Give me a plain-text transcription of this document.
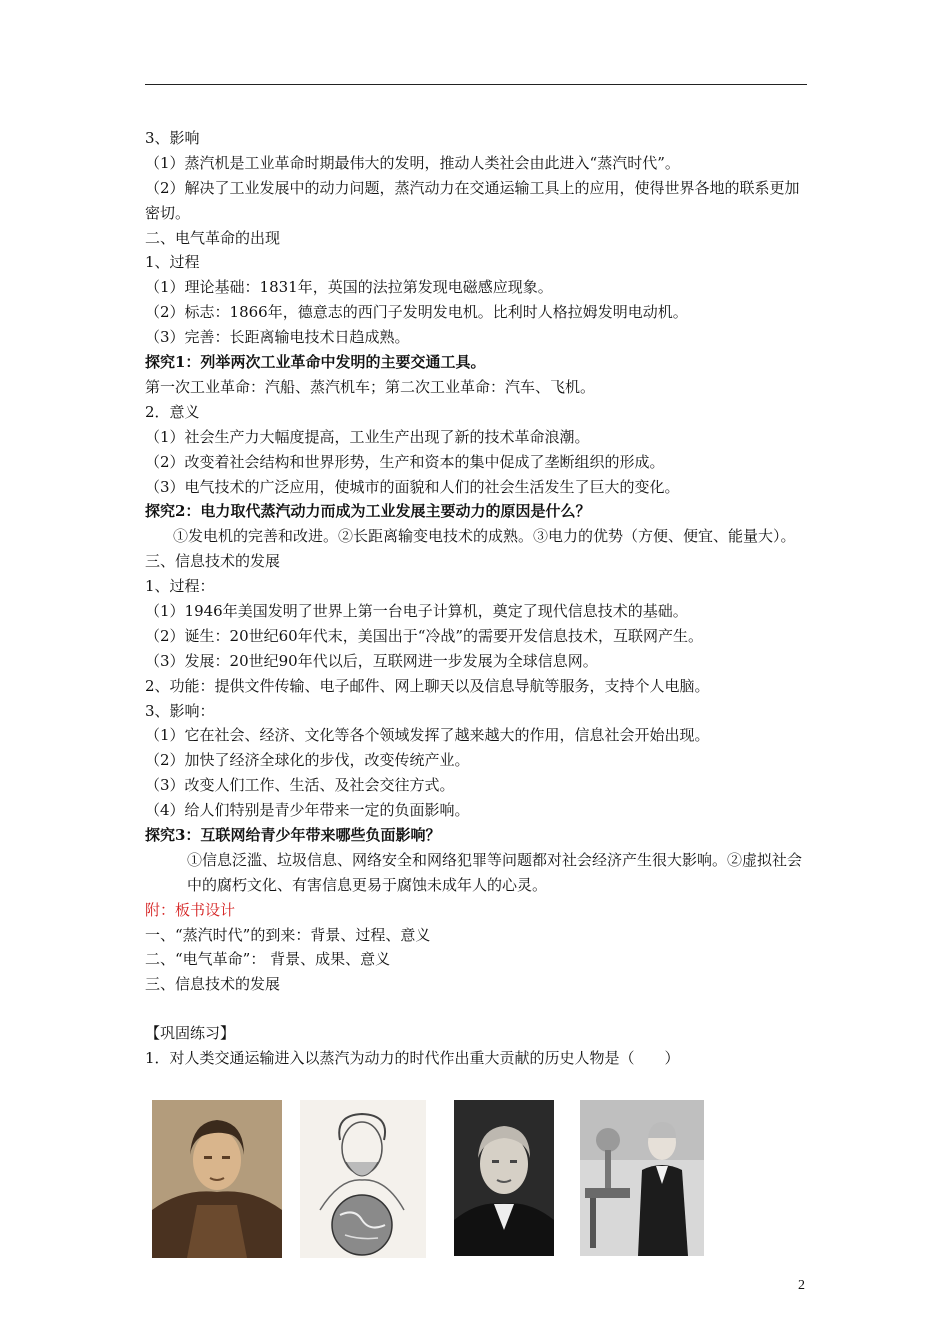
3、影响
（1）蒸汽机是工业革命时期最伟大的发明，推动人类社会由此进入“蒸汽时代”。
（2）解决了工业发展中的动力问题，蒸汽动力在交通运输工具上的应用，使得世界各地的联系更加密切。
二、电气革命的出现
1、过程
（1）理论基础：1831年，英国的法拉第发现电磁感应现象。
（2）标志：1866年，德意志的西门子发明发电机。比利时人格拉姆发明电动机。
（3）完善：长距离输电技术日趋成熟。
探究1：列举两次工业革命中发明的主要交通工具。
第一次工业革命：汽船、蒸汽机车；第二次工业革命：汽车、飞机。
2．意义
（1）社会生产力大幅度提高，工业生产出现了新的技术革命浪潮。
（2）改变着社会结构和世界形势，生产和资本的集中促成了垄断组织的形成。
（3）电气技术的广泛应用，使城市的面貌和人们的社会生活发生了巨大的变化。
探究2：电力取代蒸汽动力而成为工业发展主要动力的原因是什么？
①发电机的完善和改进。②长距离输变电技术的成熟。③电力的优势（方便、便宜、能量大）。
三、信息技术的发展
1、过程：
（1）1946年美国发明了世界上第一台电子计算机，奠定了现代信息技术的基础。
（2）诞生：20世纪60年代末，美国出于“冷战”的需要开发信息技术，互联网产生。
（3）发展：20世纪90年代以后，互联网进一步发展为全球信息网。
2、功能：提供文件传输、电子邮件、网上聊天以及信息导航等服务，支持个人电脑。
3、影响：
（1）它在社会、经济、文化等各个领域发挥了越来越大的作用，信息社会开始出现。
（2）加快了经济全球化的步伐，改变传统产业。
（3）改变人们工作、生活、及社会交往方式。
（4）给人们特别是青少年带来一定的负面影响。
探究3：互联网给青少年带来哪些负面影响？
①信息泛滥、垃圾信息、网络安全和网络犯罪等问题都对社会经济产生很大影响。②虚拟社会中的腐朽文化、有害信息更易于腐蚀未成年人的心灵。
附：板书设计
一、“蒸汽时代”的到来：背景、过程、意义
二、“电气革命”： 背景、成果、意义
三、信息技术的发展
【巩固练习】
1．对人类交通运输进入以蒸汽为动力的时代作出重大贡献的历史人物是（　　）
2
